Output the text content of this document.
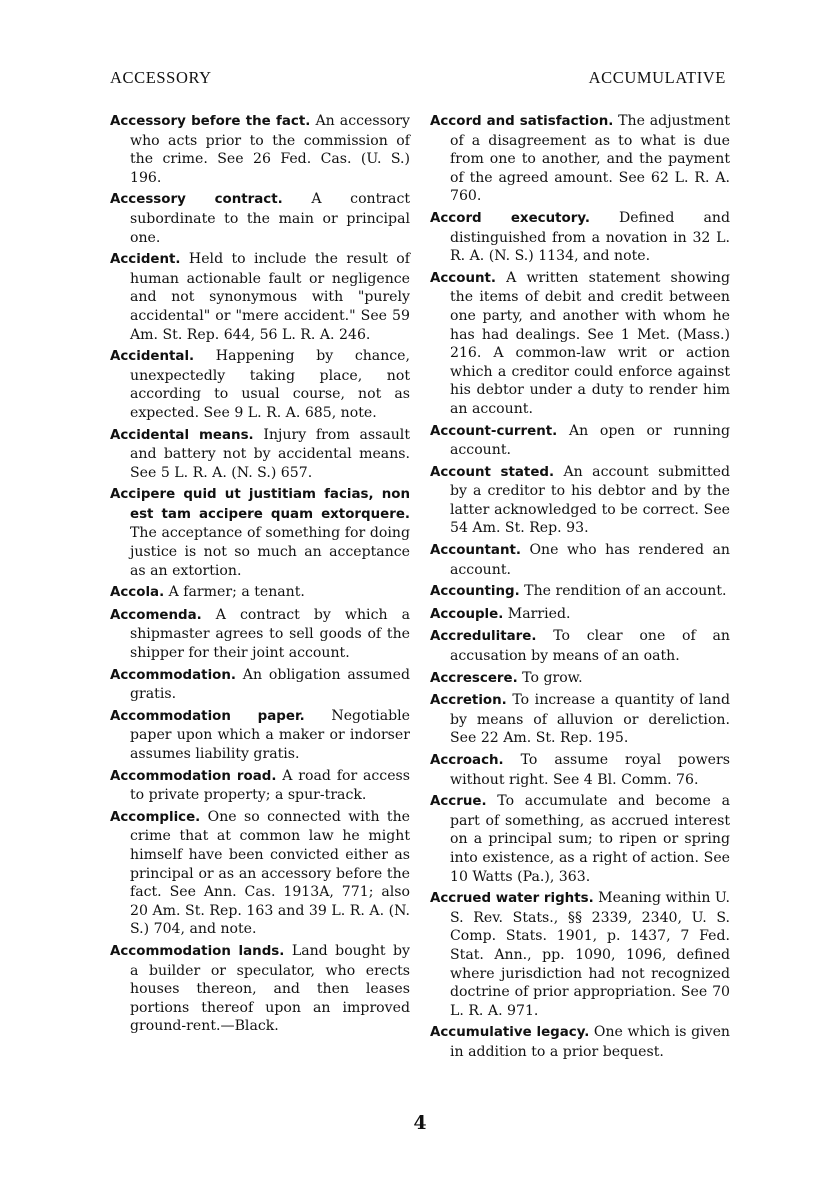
ACCESSORY	ACCUMULATIVE

Accessory before the fact. An accessory who acts prior to the commission of the crime. See 26 Fed. Cas. (U. S.) 196.

Accessory contract. A contract subordinate to the main or principal one.

Accident. Held to include the result of human actionable fault or negligence and not synonymous with "purely accidental" or "mere accident." See 59 Am. St. Rep. 644, 56 L. R. A. 246.

Accidental. Happening by chance, unexpectedly taking place, not according to usual course, not as expected. See 9 L. R. A. 685, note.

Accidental means. Injury from assault and battery not by accidental means. See 5 L. R. A. (N. S.) 657.

Accipere quid ut justitiam facias, non est tam accipere quam extorquere. The acceptance of something for doing justice is not so much an acceptance as an extortion.

Accola. A farmer; a tenant.

Accomenda. A contract by which a shipmaster agrees to sell goods of the shipper for their joint account.

Accommodation. An obligation assumed gratis.

Accommodation paper. Negotiable paper upon which a maker or indorser assumes liability gratis.

Accommodation road. A road for access to private property; a spur-track.

Accomplice. One so connected with the crime that at common law he might himself have been convicted either as principal or as an accessory before the fact. See Ann. Cas. 1913A, 771; also 20 Am. St. Rep. 163 and 39 L. R. A. (N. S.) 704, and note.

Accommodation lands. Land bought by a builder or speculator, who erects houses thereon, and then leases portions thereof upon an improved ground-rent.—Black.

Accord and satisfaction. The adjustment of a disagreement as to what is due from one to another, and the payment of the agreed amount. See 62 L. R. A. 760.

Accord executory. Defined and distinguished from a novation in 32 L. R. A. (N. S.) 1134, and note.

Account. A written statement showing the items of debit and credit between one party, and another with whom he has had dealings. See 1 Met. (Mass.) 216. A common-law writ or action which a creditor could enforce against his debtor under a duty to render him an account.

Account-current. An open or running account.

Account stated. An account submitted by a creditor to his debtor and by the latter acknowledged to be correct. See 54 Am. St. Rep. 93.

Accountant. One who has rendered an account.

Accounting. The rendition of an account.

Accouple. Married.

Accredulitare. To clear one of an accusation by means of an oath.

Accrescere. To grow.

Accretion. To increase a quantity of land by means of alluvion or dereliction. See 22 Am. St. Rep. 195.

Accroach. To assume royal powers without right. See 4 Bl. Comm. 76.

Accrue. To accumulate and become a part of something, as accrued interest on a principal sum; to ripen or spring into existence, as a right of action. See 10 Watts (Pa.), 363.

Accrued water rights. Meaning within U. S. Rev. Stats., §§ 2339, 2340, U. S. Comp. Stats. 1901, p. 1437, 7 Fed. Stat. Ann., pp. 1090, 1096, defined where jurisdiction had not recognized doctrine of prior appropriation. See 70 L. R. A. 971.

Accumulative legacy. One which is given in addition to a prior bequest.

4
